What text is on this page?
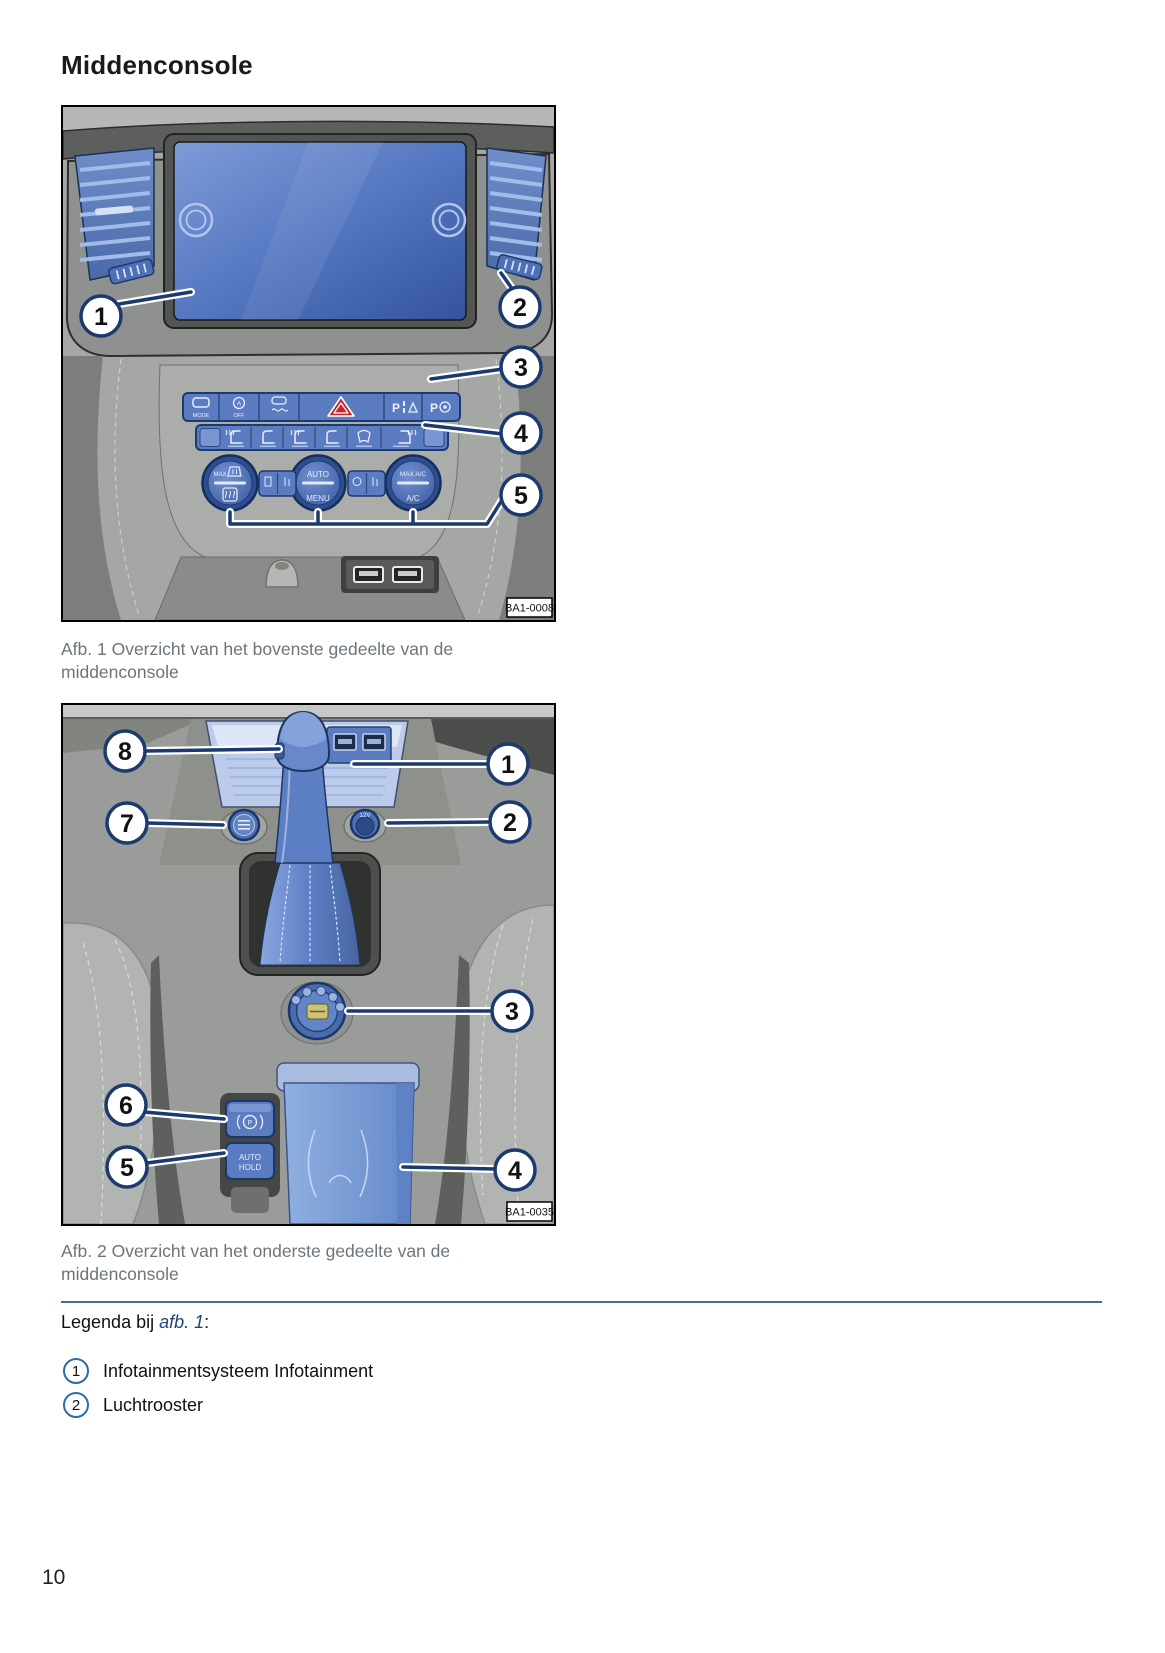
Middenconsole
MODE
A
OFF
P P
MAX	AUTO
MENU
MAX A/C
A/C
BA1-0008
1	2
3
4
5

Afb. 1 Overzicht van het bovenste gedeelte van de middenconsole

12V
P
AUTO
HOLD
BA1-0035
8	1
7	2
3
6
5	4

Afb. 2 Overzicht van het onderste gedeelte van de middenconsole

Legenda bij afb. 1:

1 Infotainmentsysteem Infotainment
2 Luchtrooster
10
